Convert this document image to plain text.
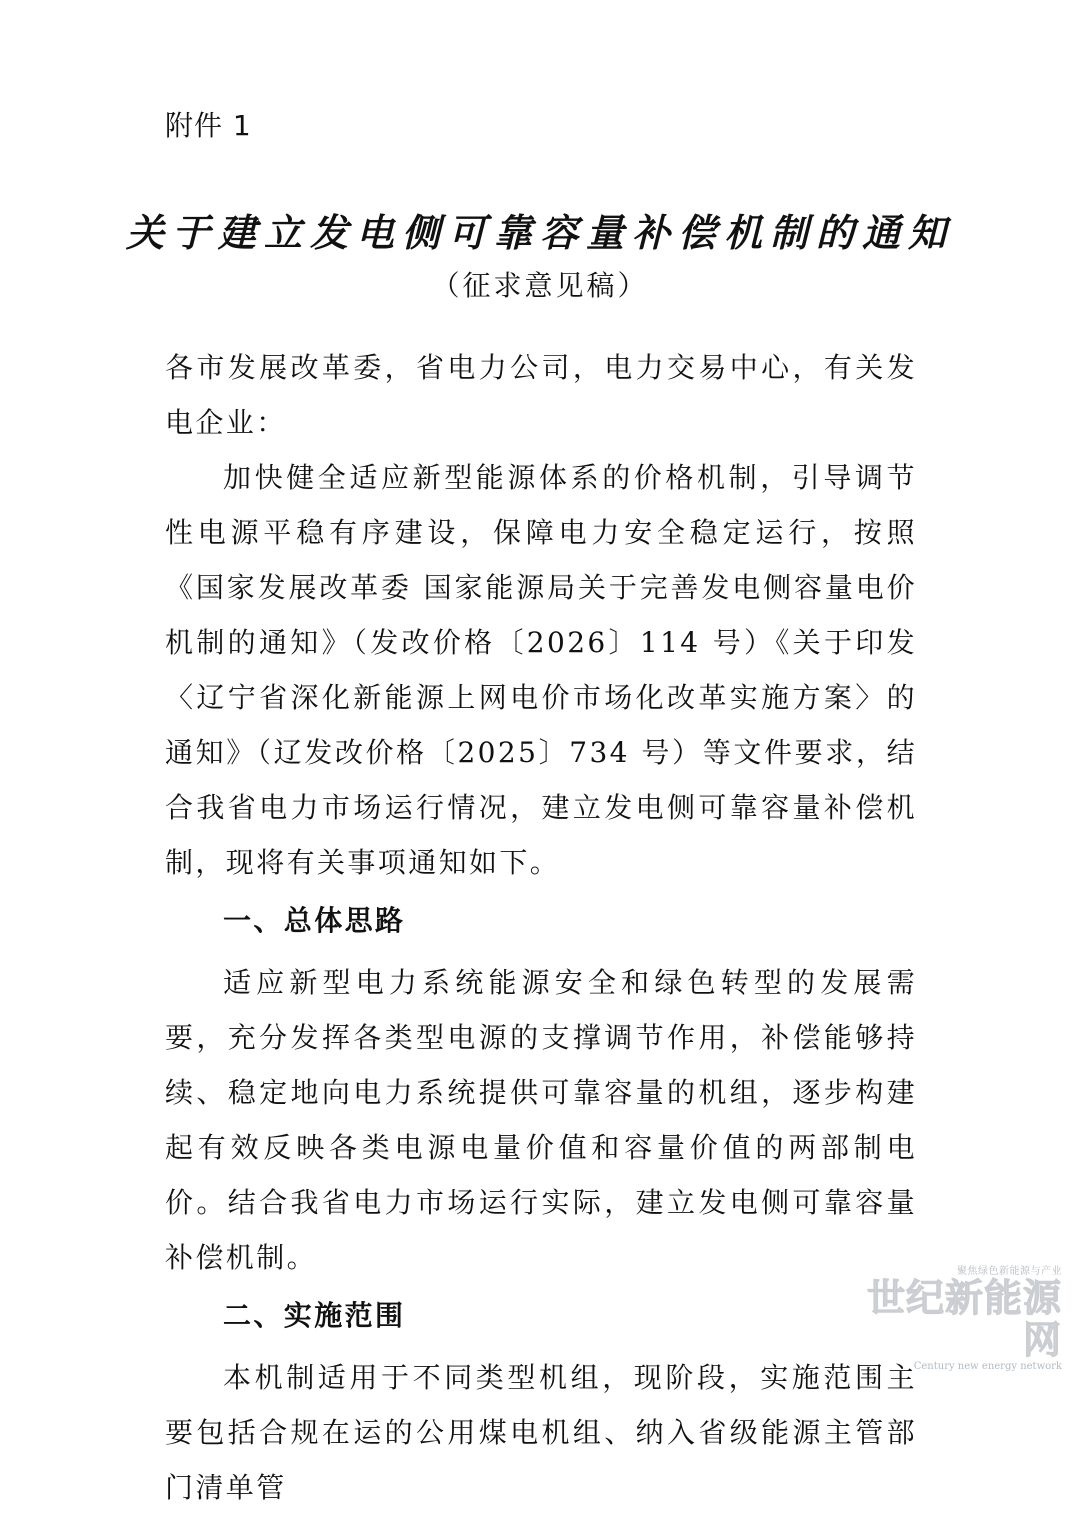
附件 1
关于建立发电侧可靠容量补偿机制的通知
（征求意见稿）

各市发展改革委，省电力公司，电力交易中心，有关发电企业：

加快健全适应新型能源体系的价格机制，引导调节性电源平稳有序建设，保障电力安全稳定运行，按照《国家发展改革委 国家能源局关于完善发电侧容量电价机制的通知》（发改价格〔2026〕114 号）《关于印发〈辽宁省深化新能源上网电价市场化改革实施方案〉的通知》（辽发改价格〔2025〕734 号）等文件要求，结合我省电力市场运行情况，建立发电侧可靠容量补偿机制，现将有关事项通知如下。

一、总体思路

适应新型电力系统能源安全和绿色转型的发展需要，充分发挥各类型电源的支撑调节作用，补偿能够持续、稳定地向电力系统提供可靠容量的机组，逐步构建起有效反映各类电源电量价值和容量价值的两部制电价。结合我省电力市场运行实际，建立发电侧可靠容量补偿机制。

二、实施范围

本机制适用于不同类型机组，现阶段，实施范围主要包括合规在运的公用煤电机组、纳入省级能源主管部门清单管

聚焦绿色新能源与产业
世纪新能源网
Century new energy network
